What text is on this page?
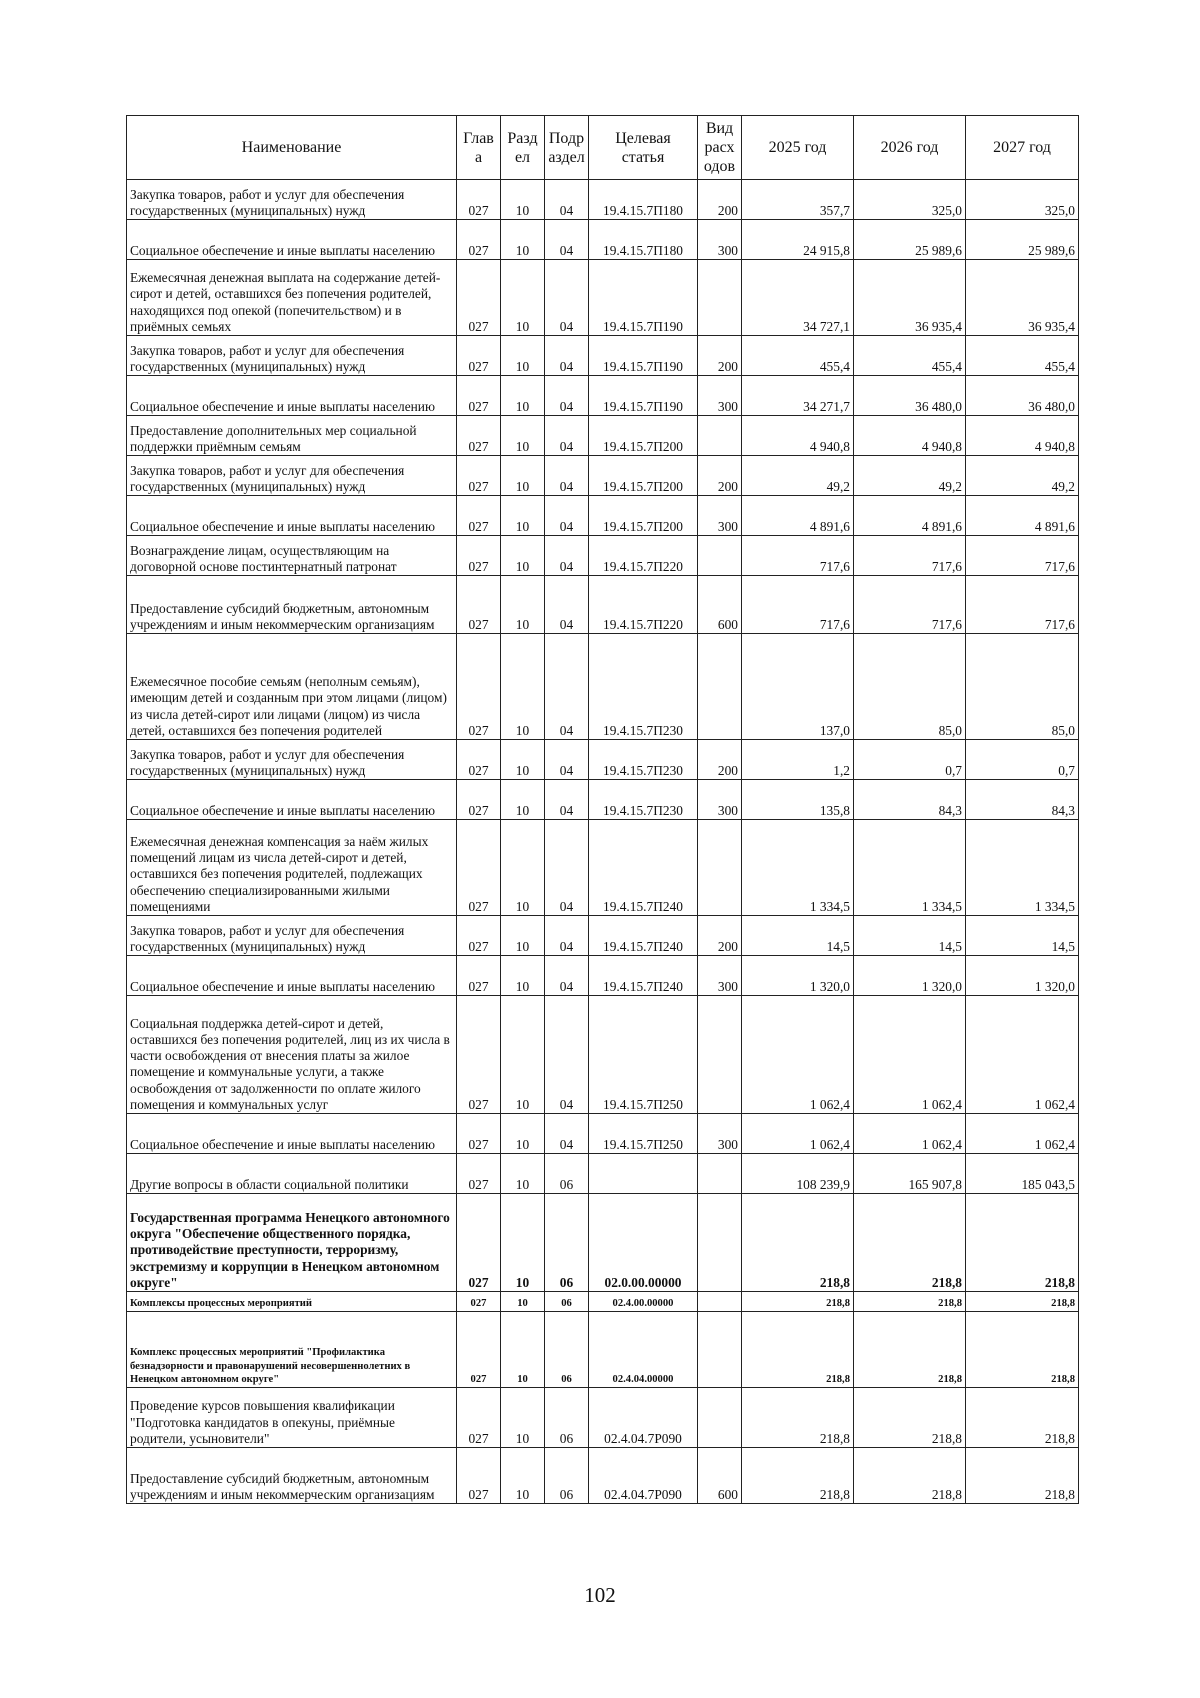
Наименование	Глав а	Разд ел	Подр аздел	Целевая статья	Вид расх одов	2025 год	2026 год	2027 год
Закупка товаров, работ и услуг для обеспечения государственных (муниципальных) нужд	027	10	04	19.4.15.7П180	200	357,7	325,0	325,0
Социальное обеспечение и иные выплаты населению	027	10	04	19.4.15.7П180	300	24 915,8	25 989,6	25 989,6
Ежемесячная денежная выплата на содержание детей-сирот и детей, оставшихся без попечения родителей, находящихся под опекой (попечительством) и в приёмных семьях	027	10	04	19.4.15.7П190		34 727,1	36 935,4	36 935,4
Закупка товаров, работ и услуг для обеспечения государственных (муниципальных) нужд	027	10	04	19.4.15.7П190	200	455,4	455,4	455,4
Социальное обеспечение и иные выплаты населению	027	10	04	19.4.15.7П190	300	34 271,7	36 480,0	36 480,0
Предоставление дополнительных мер социальной поддержки приёмным семьям	027	10	04	19.4.15.7П200		4 940,8	4 940,8	4 940,8
Закупка товаров, работ и услуг для обеспечения государственных (муниципальных) нужд	027	10	04	19.4.15.7П200	200	49,2	49,2	49,2
Социальное обеспечение и иные выплаты населению	027	10	04	19.4.15.7П200	300	4 891,6	4 891,6	4 891,6
Вознаграждение лицам, осуществляющим на договорной основе постинтернатный патронат	027	10	04	19.4.15.7П220		717,6	717,6	717,6
Предоставление субсидий бюджетным, автономным учреждениям и иным некоммерческим организациям	027	10	04	19.4.15.7П220	600	717,6	717,6	717,6
Ежемесячное пособие семьям (неполным семьям), имеющим детей и созданным при этом лицами (лицом) из числа детей-сирот или лицами (лицом) из числа детей, оставшихся без попечения родителей	027	10	04	19.4.15.7П230		137,0	85,0	85,0
Закупка товаров, работ и услуг для обеспечения государственных (муниципальных) нужд	027	10	04	19.4.15.7П230	200	1,2	0,7	0,7
Социальное обеспечение и иные выплаты населению	027	10	04	19.4.15.7П230	300	135,8	84,3	84,3
Ежемесячная денежная компенсация за наём жилых помещений лицам из числа детей-сирот и детей, оставшихся без попечения родителей, подлежащих обеспечению специализированными жилыми помещениями	027	10	04	19.4.15.7П240		1 334,5	1 334,5	1 334,5
Закупка товаров, работ и услуг для обеспечения государственных (муниципальных) нужд	027	10	04	19.4.15.7П240	200	14,5	14,5	14,5
Социальное обеспечение и иные выплаты населению	027	10	04	19.4.15.7П240	300	1 320,0	1 320,0	1 320,0
Социальная поддержка детей-сирот и детей, оставшихся без попечения родителей, лиц из их числа в части освобождения от внесения платы за жилое помещение и коммунальные услуги, а также освобождения от задолженности по оплате жилого помещения и коммунальных услуг	027	10	04	19.4.15.7П250		1 062,4	1 062,4	1 062,4
Социальное обеспечение и иные выплаты населению	027	10	04	19.4.15.7П250	300	1 062,4	1 062,4	1 062,4
Другие вопросы в области социальной политики	027	10	06			108 239,9	165 907,8	185 043,5
Государственная программа Ненецкого автономного округа "Обеспечение общественного порядка, противодействие преступности, терроризму, экстремизму и коррупции в Ненецком автономном округе"	027	10	06	02.0.00.00000		218,8	218,8	218,8
Комплексы процессных мероприятий	027	10	06	02.4.00.00000		218,8	218,8	218,8
Комплекс процессных мероприятий "Профилактика безнадзорности и правонарушений несовершеннолетних в Ненецком автономном округе"	027	10	06	02.4.04.00000		218,8	218,8	218,8
Проведение курсов повышения квалификации "Подготовка кандидатов в опекуны, приёмные родители, усыновители"	027	10	06	02.4.04.7Р090		218,8	218,8	218,8
Предоставление субсидий бюджетным, автономным учреждениям и иным некоммерческим организациям	027	10	06	02.4.04.7Р090	600	218,8	218,8	218,8
102
